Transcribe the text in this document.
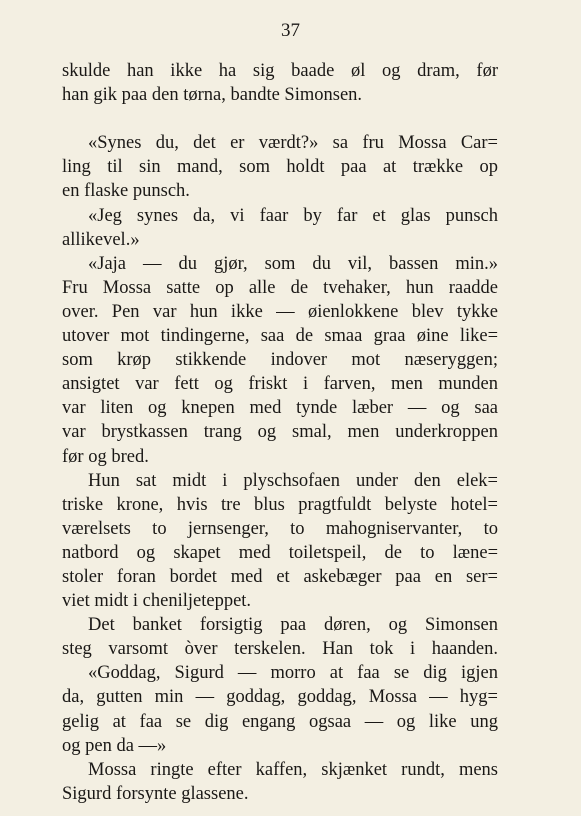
37
skulde han ikke ha sig baade øl og dram, før
han gik paa den tørna, bandte Simonsen.
«Synes du, det er værdt?» sa fru Mossa Car=
ling til sin mand, som holdt paa at trække op
en flaske punsch.
«Jeg synes da, vi faar by far et glas punsch
allikevel.»
«Jaja — du gjør, som du vil, bassen min.»
Fru Mossa satte op alle de tvehaker, hun raadde
over. Pen var hun ikke — øienlokkene blev tykke
utover mot tindingerne, saa de smaa graa øine like=
som krøp stikkende indover mot næseryggen;
ansigtet var fett og friskt i farven, men munden
var liten og knepen med tynde læber — og saa
var brystkassen trang og smal, men underkroppen
før og bred.
Hun sat midt i plyschsofaen under den elek=
triske krone, hvis tre blus pragtfuldt belyste hotel=
værelsets to jernsenger, to mahogniservanter, to
natbord og skapet med toiletspeil, de to læne=
stoler foran bordet med et askebæger paa en ser=
viet midt i cheniljeteppet.
Det banket forsigtig paa døren, og Simonsen
steg varsomt òver terskelen. Han tok i haanden.
«Goddag, Sigurd — morro at faa se dig igjen
da, gutten min — goddag, goddag, Mossa — hyg=
gelig at faa se dig engang ogsaa — og like ung
og pen da —»
Mossa ringte efter kaffen, skjænket rundt, mens
Sigurd forsynte glassene.
